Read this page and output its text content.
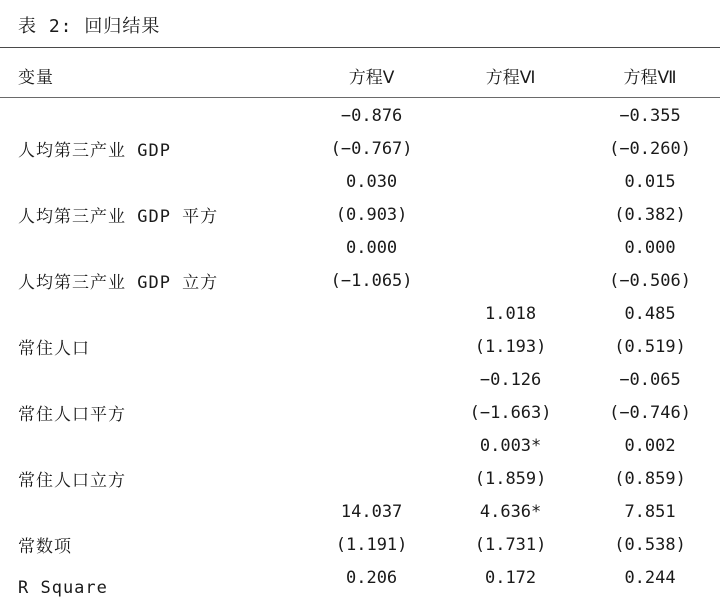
表 2: 回归结果
变量	方程Ⅴ	方程Ⅵ	方程Ⅶ
人均第三产业 GDP	−0.876		−0.355
	(−0.767)		(−0.260)
人均第三产业 GDP 平方	0.030		0.015
	(0.903)		(0.382)
人均第三产业 GDP 立方	0.000		0.000
	(−1.065)		(−0.506)
常住人口		1.018	0.485
		(1.193)	(0.519)
常住人口平方		−0.126	−0.065
		(−1.663)	(−0.746)
常住人口立方		0.003*	0.002
		(1.859)	(0.859)
常数项	14.037	4.636*	7.851
	(1.191)	(1.731)	(0.538)
R Square	0.206	0.172	0.244
